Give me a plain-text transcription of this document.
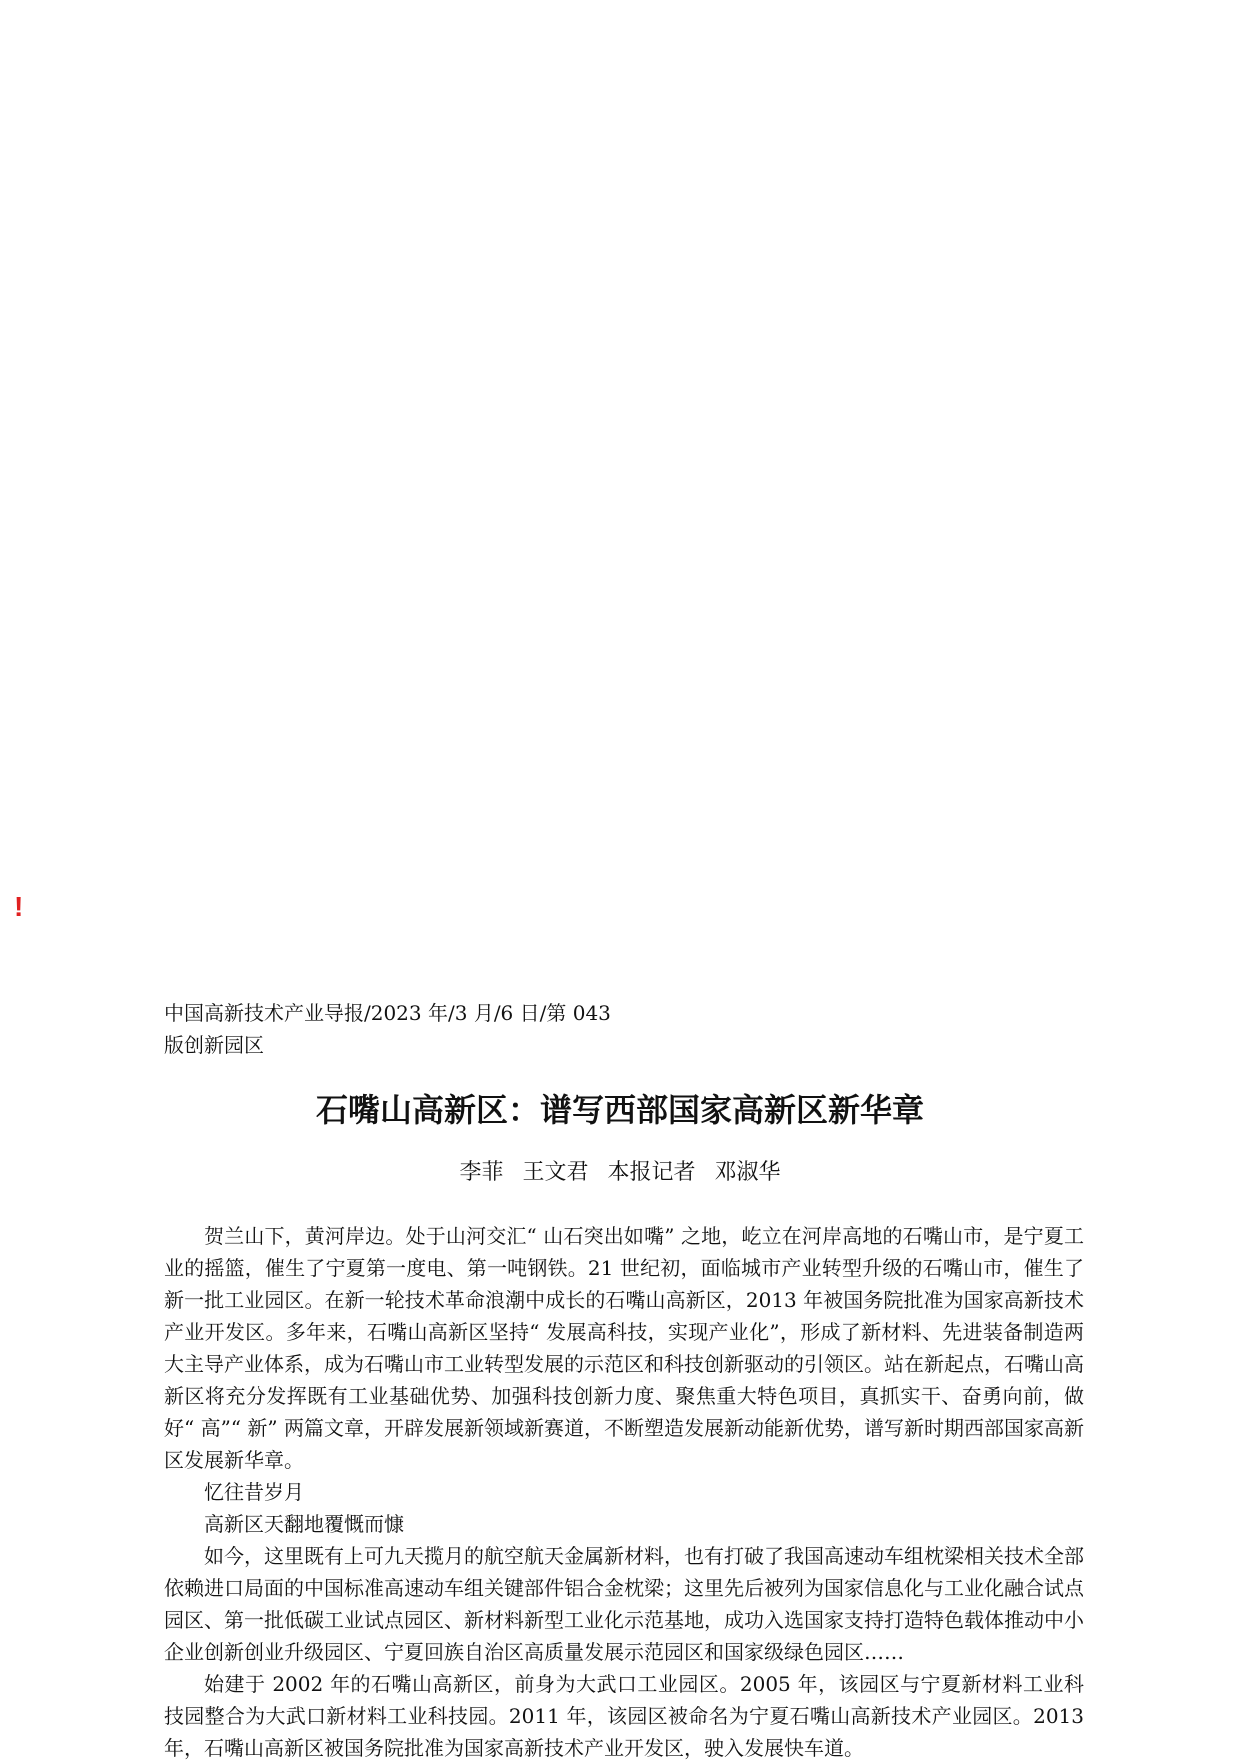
!
中国高新技术产业导报/2023 年/3 月/6 日/第 043
版创新园区
石嘴山高新区：谱写西部国家高新区新华章
李菲 王文君 本报记者 邓淑华

贺兰山下，黄河岸边。处于山河交汇“ 山石突出如嘴” 之地，屹立在河岸高地的石嘴山市，是宁夏工业的摇篮，催生了宁夏第一度电、第一吨钢铁。21 世纪初，面临城市产业转型升级的石嘴山市，催生了新一批工业园区。在新一轮技术革命浪潮中成长的石嘴山高新区，2013 年被国务院批准为国家高新技术产业开发区。多年来，石嘴山高新区坚持“ 发展高科技，实现产业化”，形成了新材料、先进装备制造两大主导产业体系，成为石嘴山市工业转型发展的示范区和科技创新驱动的引领区。站在新起点，石嘴山高新区将充分发挥既有工业基础优势、加强科技创新力度、聚焦重大特色项目，真抓实干、奋勇向前，做好“ 高”“ 新” 两篇文章，开辟发展新领域新赛道，不断塑造发展新动能新优势，谱写新时期西部国家高新区发展新华章。

忆往昔岁月

高新区天翻地覆慨而慷

如今，这里既有上可九天揽月的航空航天金属新材料，也有打破了我国高速动车组枕梁相关技术全部依赖进口局面的中国标准高速动车组关键部件铝合金枕梁；这里先后被列为国家信息化与工业化融合试点园区、第一批低碳工业试点园区、新材料新型工业化示范基地，成功入选国家支持打造特色载体推动中小企业创新创业升级园区、宁夏回族自治区高质量发展示范园区和国家级绿色园区……

始建于 2002 年的石嘴山高新区，前身为大武口工业园区。2005 年，该园区与宁夏新材料工业科技园整合为大武口新材料工业科技园。2011 年，该园区被命名为宁夏石嘴山高新技术产业园区。2013 年，石嘴山高新区被国务院批准为国家高新技术产业开发区，驶入发展快车道。
